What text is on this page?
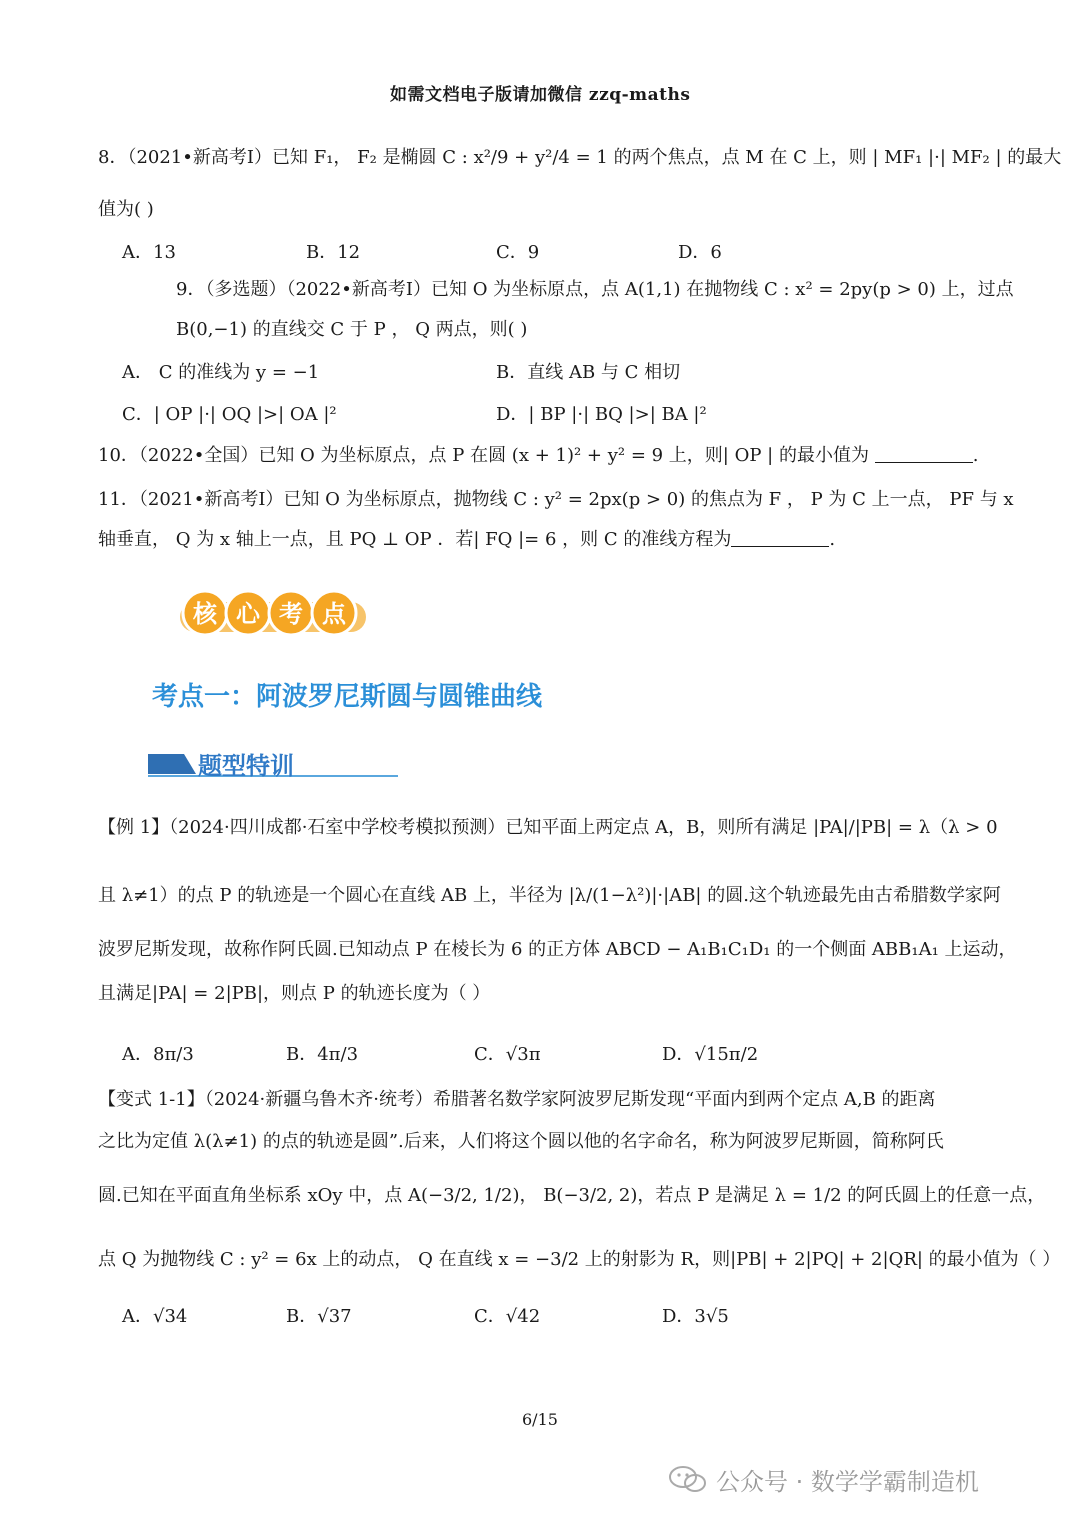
如需文档电子版请加微信 zzq-maths
8．（2021•新高考Ⅰ）已知 F₁， F₂ 是椭圆 C : x²/9 + y²/4 = 1 的两个焦点，点 M 在 C 上，则 | MF₁ |·| MF₂ | 的最大
值为( )
A．13	B．12	C．9	D．6
9．（多选题）（2022•新高考Ⅰ）已知 O 为坐标原点，点 A(1,1) 在抛物线 C : x² = 2py(p > 0) 上，过点
B(0,−1) 的直线交 C 于 P ， Q 两点，则( )
A． C 的准线为 y = −1	B．直线 AB 与 C 相切
C．| OP |·| OQ |>| OA |²	D．| BP |·| BQ |>| BA |²
10．（2022•全国）已知 O 为坐标原点，点 P 在圆 (x + 1)² + y² = 9 上，则| OP | 的最小值为	.
11．（2021•新高考Ⅰ）已知 O 为坐标原点，抛物线 C : y² = 2px(p > 0) 的焦点为 F ， P 为 C 上一点， PF 与 x
轴垂直， Q 为 x 轴上一点，且 PQ ⊥ OP ．若| FQ |= 6 ，则 C 的准线方程为	.
核 心 考 点
考点一：阿波罗尼斯圆与圆锥曲线
题型特训
【例 1】（2024·四川成都·石室中学校考模拟预测）已知平面上两定点 A，B，则所有满足 |PA|/|PB| = λ（λ > 0
且 λ≠1）的点 P 的轨迹是一个圆心在直线 AB 上，半径为 |λ/(1−λ²)|·|AB| 的圆.这个轨迹最先由古希腊数学家阿
波罗尼斯发现，故称作阿氏圆.已知动点 P 在棱长为 6 的正方体 ABCD − A₁B₁C₁D₁ 的一个侧面 ABB₁A₁ 上运动，
且满足|PA| = 2|PB|，则点 P 的轨迹长度为（ ）
A．8π/3	B．4π/3	C．√3π	D．√15π/2
【变式 1-1】（2024·新疆乌鲁木齐·统考）希腊著名数学家阿波罗尼斯发现“平面内到两个定点 A,B 的距离
之比为定值 λ(λ≠1) 的点的轨迹是圆”.后来，人们将这个圆以他的名字命名，称为阿波罗尼斯圆，简称阿氏
圆.已知在平面直角坐标系 xOy 中，点 A(−3/2, 1/2)， B(−3/2, 2)，若点 P 是满足 λ = 1/2 的阿氏圆上的任意一点，
点 Q 为抛物线 C : y² = 6x 上的动点， Q 在直线 x = −3/2 上的射影为 R，则|PB| + 2|PQ| + 2|QR| 的最小值为（ ）
A．√34	B．√37	C．√42	D．3√5
6/15
公众号 · 数学学霸制造机
